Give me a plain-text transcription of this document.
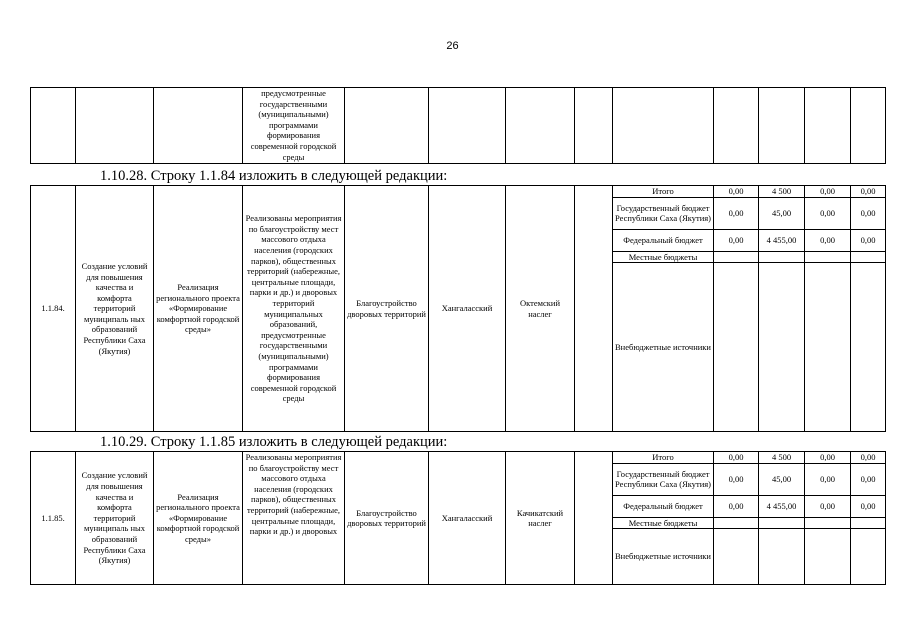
26
			предусмотренные государственными (муниципальными) программами формирования современной городской среды									
1.10.28. Строку 1.1.84 изложить в следующей редакции:
1.1.84.	Создание условий для повышения качества и комфорта территорий муниципаль ных образований Республики Саха (Якутия)	Реализация регионального проекта «Формирование комфортной городской среды»	Реализованы мероприятия по благоустройству мест массового отдыха населения (городских парков), общественных территорий (набережные, центральные площади, парки и др.) и дворовых территорий муниципальных образований, предусмотренные государственными (муниципальными) программами формирования современной городской среды	Благоустройство дворовых территорий	Хангаласский	Октемский наслег		Итого	0,00	4 500	0,00	0,00
								Государственный бюджет Республики Саха (Якутия)	0,00	45,00	0,00	0,00
								Федеральный бюджет	0,00	4 455,00	0,00	0,00
								Местные бюджеты				
								Внебюджетные источники				
1.10.29. Строку 1.1.85 изложить в следующей редакции:
1.1.85.	Создание условий для повышения качества и комфорта территорий муниципаль ных образований Республики Саха (Якутия)	Реализация регионального проекта «Формирование комфортной городской среды»	Реализованы мероприятия по благоустройству мест массового отдыха населения (городских парков), общественных территорий (набережные, центральные площади, парки и др.) и дворовых	Благоустройство дворовых территорий	Хангаласский	Качикатский наслег		Итого	0,00	4 500	0,00	0,00
								Государственный бюджет Республики Саха (Якутия)	0,00	45,00	0,00	0,00
								Федеральный бюджет	0,00	4 455,00	0,00	0,00
								Местные бюджеты				
								Внебюджетные источники				
